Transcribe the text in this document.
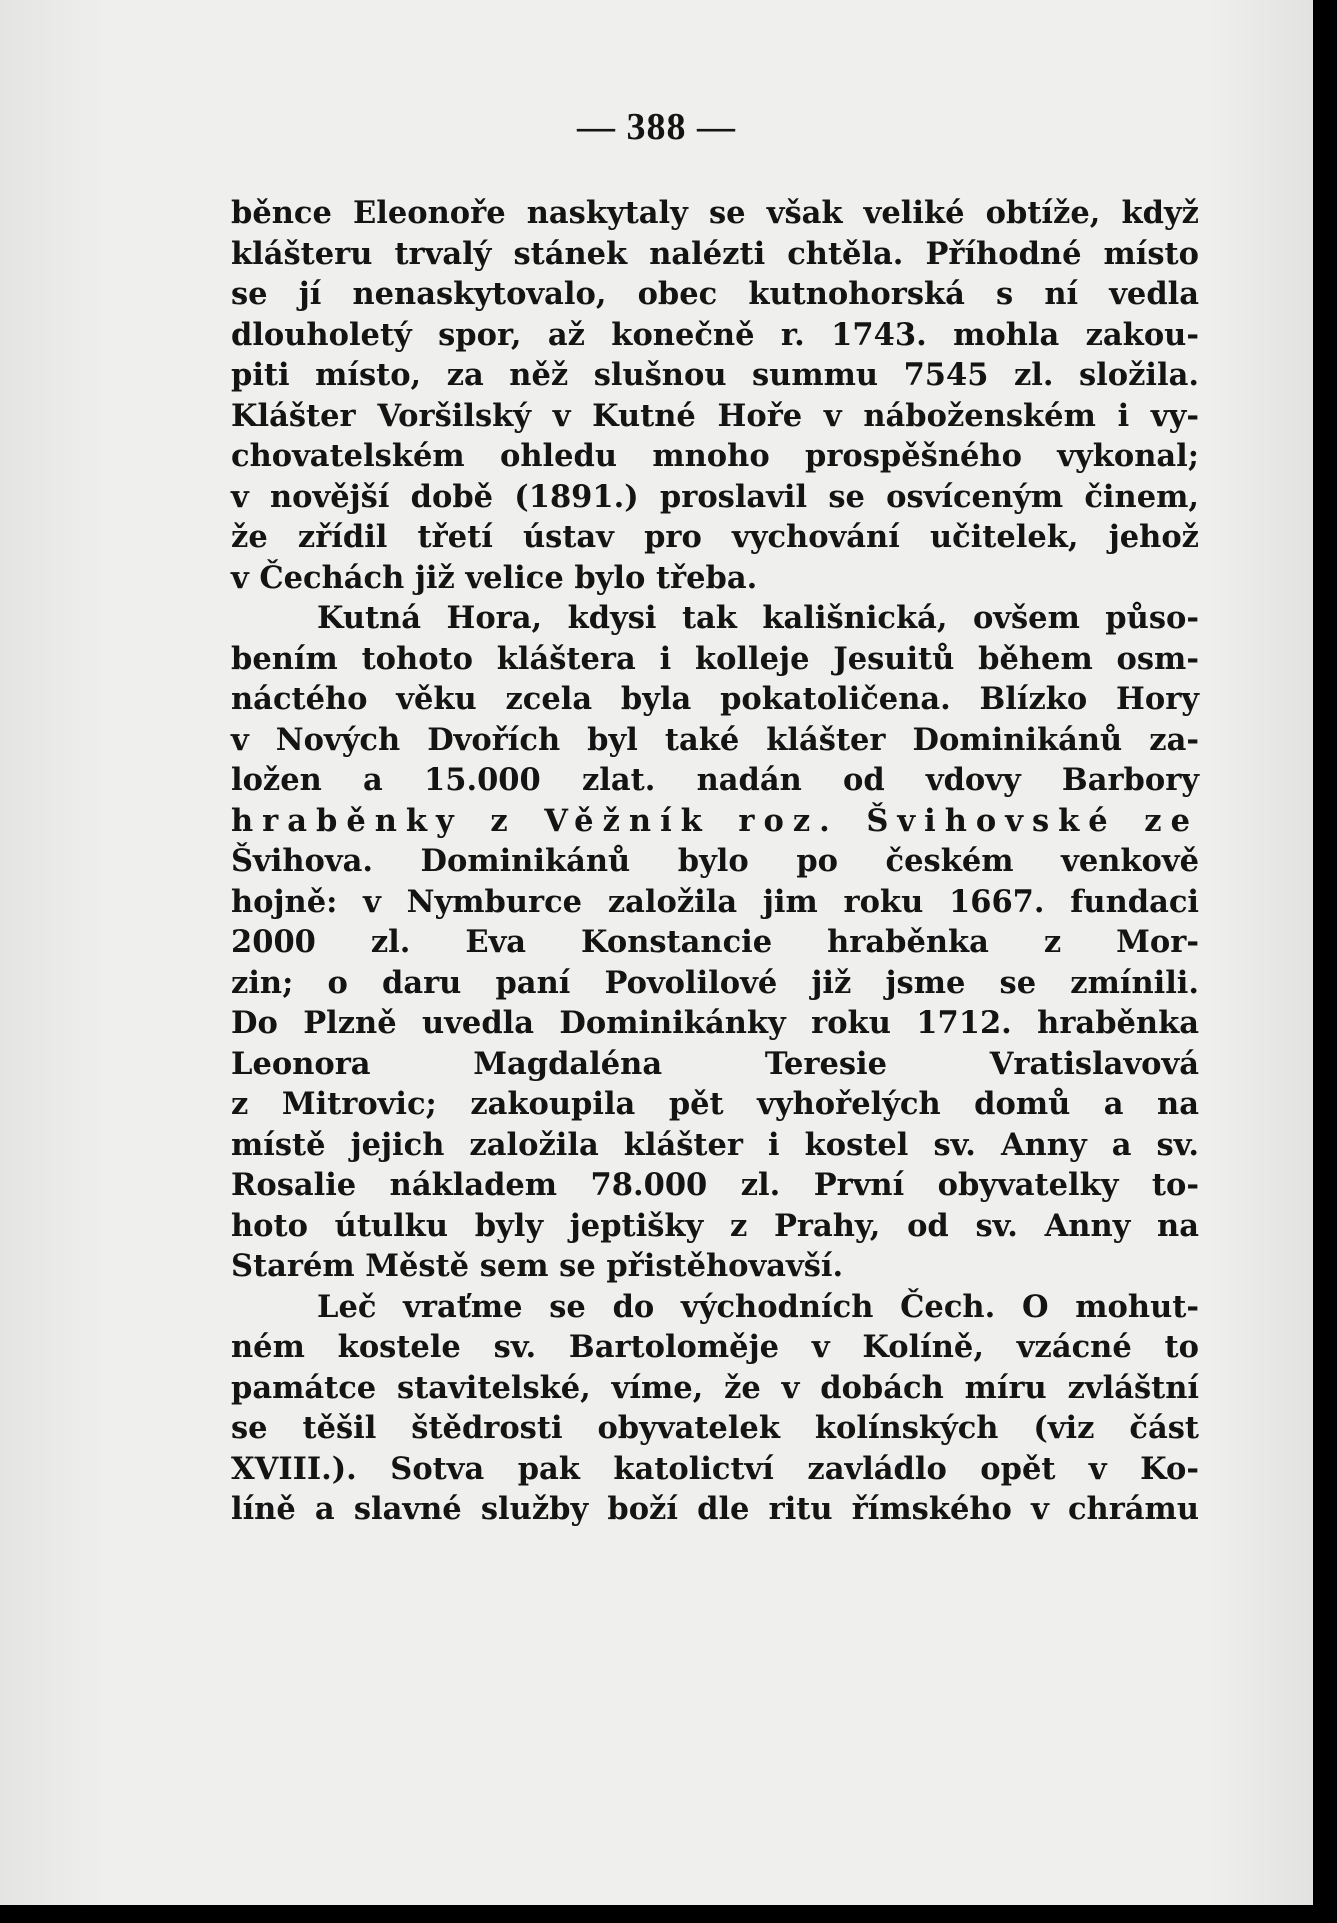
— 388 —
běnce Eleonoře naskytaly se však veliké obtíže, když
klášteru trvalý stánek nalézti chtěla. Příhodné místo
se jí nenaskytovalo, obec kutnohorská s ní vedla
dlouholetý spor, až konečně r. 1743. mohla zakou-
piti místo, za něž slušnou summu 7545 zl. složila.
Klášter Voršilský v Kutné Hoře v náboženském i vy-
chovatelském ohledu mnoho prospěšného vykonal;
v novější době (1891.) proslavil se osvíceným činem,
že zřídil třetí ústav pro vychování učitelek, jehož
v Čechách již velice bylo třeba.
Kutná Hora, kdysi tak kališnická, ovšem půso-
bením tohoto kláštera i kolleje Jesuitů během osm-
náctého věku zcela byla pokatoličena. Blízko Hory
v Nových Dvořích byl také klášter Dominikánů za-
ložen a 15.000 zlat. nadán od vdovy Barbory
hraběnky z Věžník roz. Švihovské ze
Švihova. Dominikánů bylo po českém venkově
hojně: v Nymburce založila jim roku 1667. fundaci
2000 zl. Eva Konstancie hraběnka z Mor-
zin; o daru paní Povolilové již jsme se zmínili.
Do Plzně uvedla Dominikánky roku 1712. hraběnka
Leonora Magdaléna Teresie Vratislavová
z Mitrovic; zakoupila pět vyhořelých domů a na
místě jejich založila klášter i kostel sv. Anny a sv.
Rosalie nákladem 78.000 zl. První obyvatelky to-
hoto útulku byly jeptišky z Prahy, od sv. Anny na
Starém Městě sem se přistěhovavší.
Leč vraťme se do východních Čech. O mohut-
ném kostele sv. Bartoloměje v Kolíně, vzácné to
památce stavitelské, víme, že v dobách míru zvláštní
se těšil štědrosti obyvatelek kolínských (viz část
XVIII.). Sotva pak katolictví zavládlo opět v Ko-
líně a slavné služby boží dle ritu římského v chrámu
